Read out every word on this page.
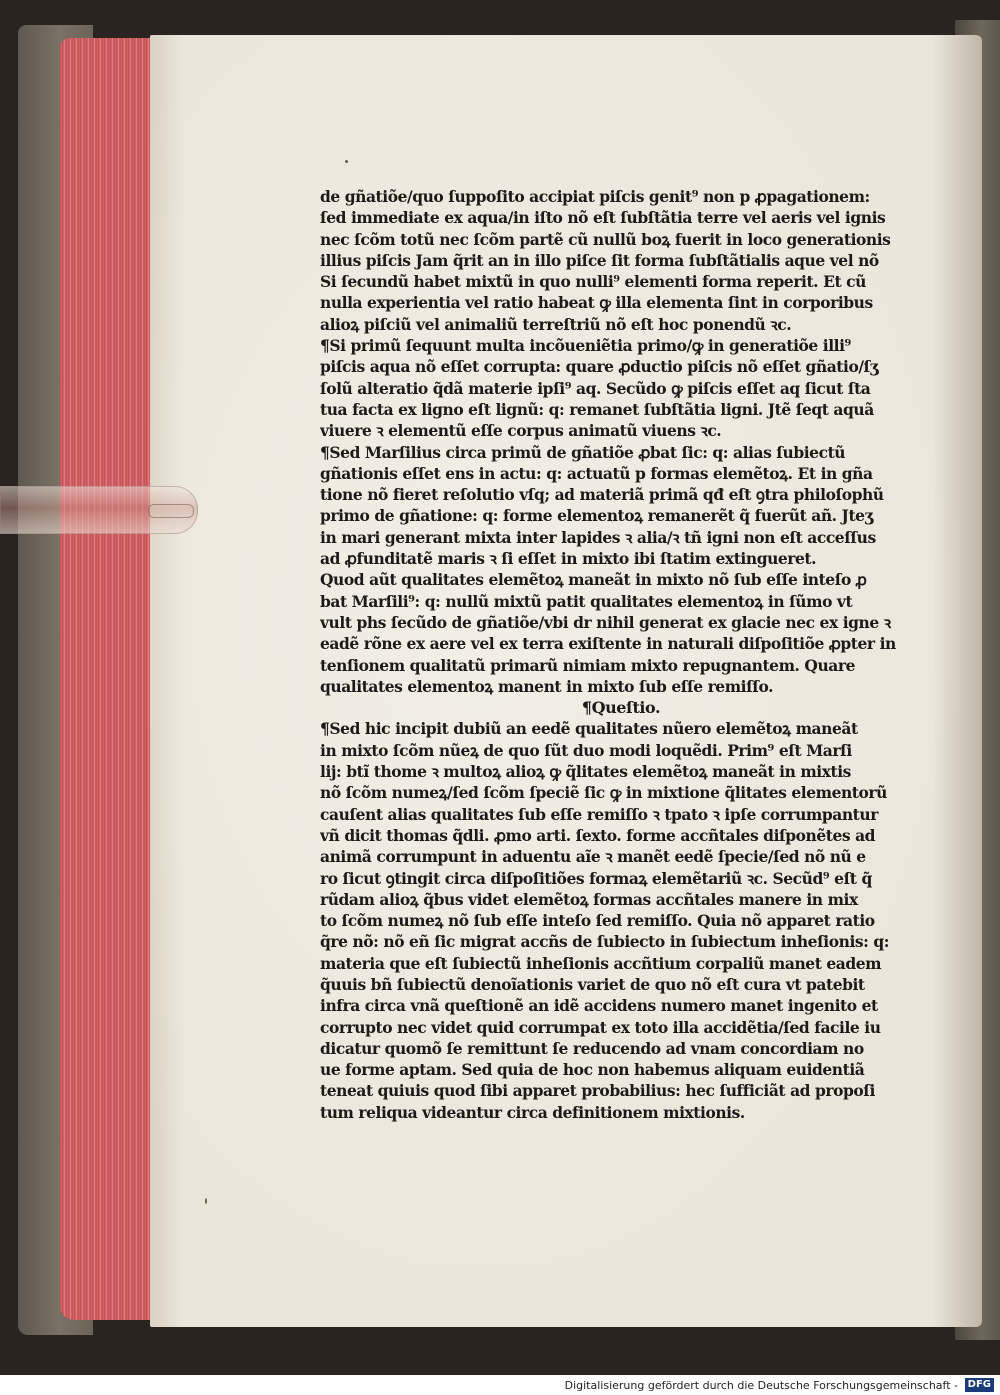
de gñatiõe/quo ſuppoſito accipiat piſcis genit⁹ non p ꝓpagationem:
ſed immediate ex aqua/in iſto nõ eſt ſubſtãtia terre vel aeris vel ignis
nec ſcõm totũ nec ſcõm partẽ cũ nullũ boꝝ fuerit in loco generationis
illius piſcis Jam q̃rit an in illo piſce ſit forma ſubſtãtialis aque vel nõ
Si ſecundũ habet mixtũ in quo nulli⁹ elementi forma reperit. Et cũ
nulla experientia vel ratio habeat ꝙ illa elementa ſint in corporibus
alioꝝ piſciũ vel animaliũ terreſtriũ nõ eſt hoc ponendũ ꝛc.
¶Si primũ ſequunt multa incõueniẽtia primo/ꝙ in generatiõe illi⁹
piſcis aqua nõ eſſet corrupta: quare ꝓductio piſcis nõ eſſet gñatio/ſʒ
ſolũ alteratio q̃dã materie ipſi⁹ aq. Secũdo ꝙ piſcis eſſet aq ſicut ſta
tua facta ex ligno eſt lignũ: q: remanet ſubſtãtia ligni. Jtẽ ſeqt aquã
viuere ꝛ elementũ eſſe corpus animatũ viuens ꝛc.
¶Sed Marſilius circa primũ de gñatiõe ꝓbat ſic: q: alias ſubiectũ
gñationis eſſet ens in actu: q: actuatũ p formas elemẽtoꝝ. Et in gña
tione nõ fieret reſolutio vſq; ad materiã primã qđ eſt ꝯtra philoſophũ
primo de gñatione: q: forme elementoꝝ remanerẽt q̃ fuerũt añ. Jteʒ
in mari generant mixta inter lapides ꝛ alia/ꝛ tñ igni non eſt acceſſus
ad ꝓfunditatẽ maris ꝛ ſi eſſet in mixto ibi ſtatim extingueret.
Quod aũt qualitates elemẽtoꝝ maneãt in mixto nõ ſub eſſe inteſo ꝓ
bat Marſili⁹: q: nullũ mixtũ patit qualitates elementoꝝ in ſũmo vt
vult phs ſecũdo de gñatiõe/vbi dr nihil generat ex glacie nec ex igne ꝛ
eadẽ rõne ex aere vel ex terra exiſtente in naturali diſpoſitiõe ꝓpter in
tenſionem qualitatũ primarũ nimiam mixto repugnantem. Quare
qualitates elementoꝝ manent in mixto ſub eſſe remiſſo.
¶Queſtio.
¶Sed hic incipit dubiũ an eedẽ qualitates nũero elemẽtoꝝ maneãt
in mixto ſcõm nũeꝝ de quo ſũt duo modi loquẽdi. Prim⁹ eſt Marſi
lij: btĩ thome ꝛ multoꝝ alioꝝ ꝙ q̃litates elemẽtoꝝ maneãt in mixtis
nõ ſcõm numeꝝ/ſed ſcõm ſpeciẽ ſic ꝙ in mixtione q̃litates elementorũ
cauſent alias qualitates ſub eſſe remiſſo ꝛ tpato ꝛ ipſe corrumpantur
vñ dicit thomas q̃dli. ꝓmo arti. ſexto. forme accñtales diſponẽtes ad
animã corrumpunt in aduentu aĩe ꝛ manẽt eedẽ ſpecie/ſed nõ nũ e
ro ſicut ꝯtingit circa diſpoſitiões formaꝝ elemẽtariũ ꝛc. Secũd⁹ eſt q̃
rũdam alioꝝ q̃bus videt elemẽtoꝝ formas accñtales manere in mix
to ſcõm numeꝝ nõ ſub eſſe inteſo ſed remiſſo. Quia nõ apparet ratio
q̃re nõ: nõ eñ ſic migrat accñs de ſubiecto in ſubiectum inheſionis: q:
materia que eſt ſubiectũ inheſionis accñtium corpaliũ manet eadem
q̃uuis bñ ſubiectũ denoĩationis variet de quo nõ eſt cura vt patebit
infra circa vnã queſtionẽ an idẽ accidens numero manet ingenito et
corrupto nec videt quid corrumpat ex toto illa accidẽtia/ſed facile iu
dicatur quomõ ſe remittunt ſe reducendo ad vnam concordiam no
ue forme aptam. Sed quia de hoc non habemus aliquam euidentiã
teneat quiuis quod ſibi apparet probabilius: hec ſufficiãt ad propoſi
tum reliqua videantur circa definitionem mixtionis.
Digitalisierung gefördert durch die Deutsche Forschungsgemeinschaft - DFG
